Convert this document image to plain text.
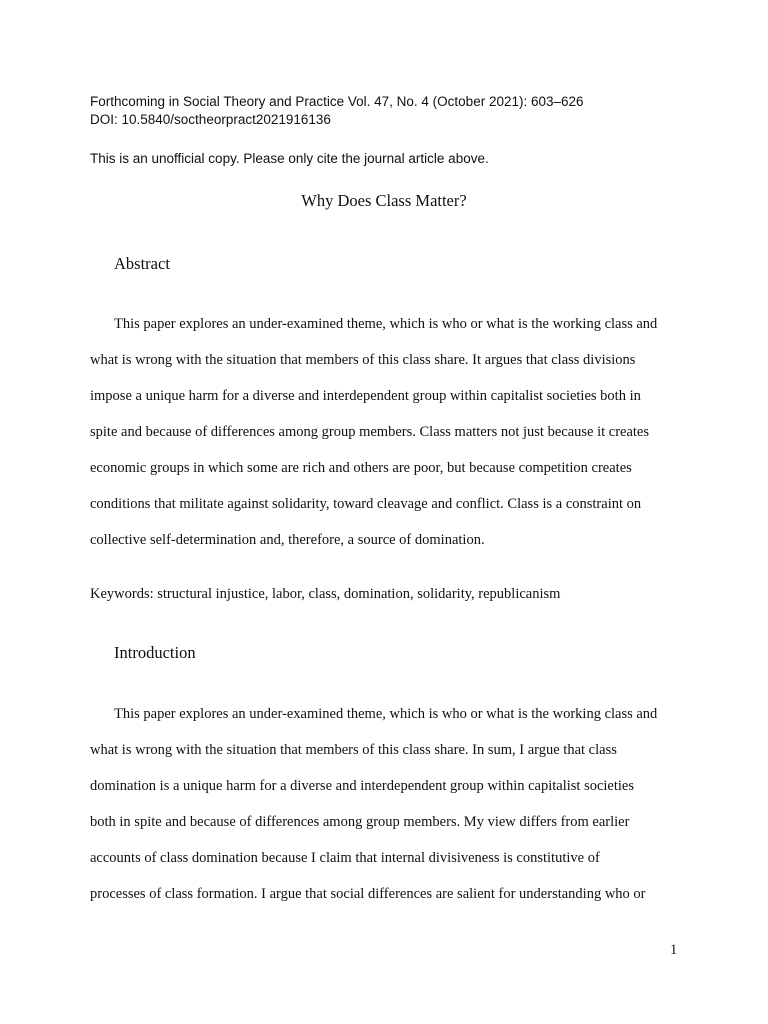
Forthcoming in Social Theory and Practice Vol. 47, No. 4 (October 2021): 603–626
DOI: 10.5840/soctheorpract2021916136
This is an unofficial copy. Please only cite the journal article above.
Why Does Class Matter?
Abstract
This paper explores an under-examined theme, which is who or what is the working class and
what is wrong with the situation that members of this class share. It argues that class divisions
impose a unique harm for a diverse and interdependent group within capitalist societies both in
spite and because of differences among group members. Class matters not just because it creates
economic groups in which some are rich and others are poor, but because competition creates
conditions that militate against solidarity, toward cleavage and conflict. Class is a constraint on
collective self-determination and, therefore, a source of domination.
Keywords: structural injustice, labor, class, domination, solidarity, republicanism
Introduction
This paper explores an under-examined theme, which is who or what is the working class and
what is wrong with the situation that members of this class share. In sum, I argue that class
domination is a unique harm for a diverse and interdependent group within capitalist societies
both in spite and because of differences among group members. My view differs from earlier
accounts of class domination because I claim that internal divisiveness is constitutive of
processes of class formation. I argue that social differences are salient for understanding who or
1
